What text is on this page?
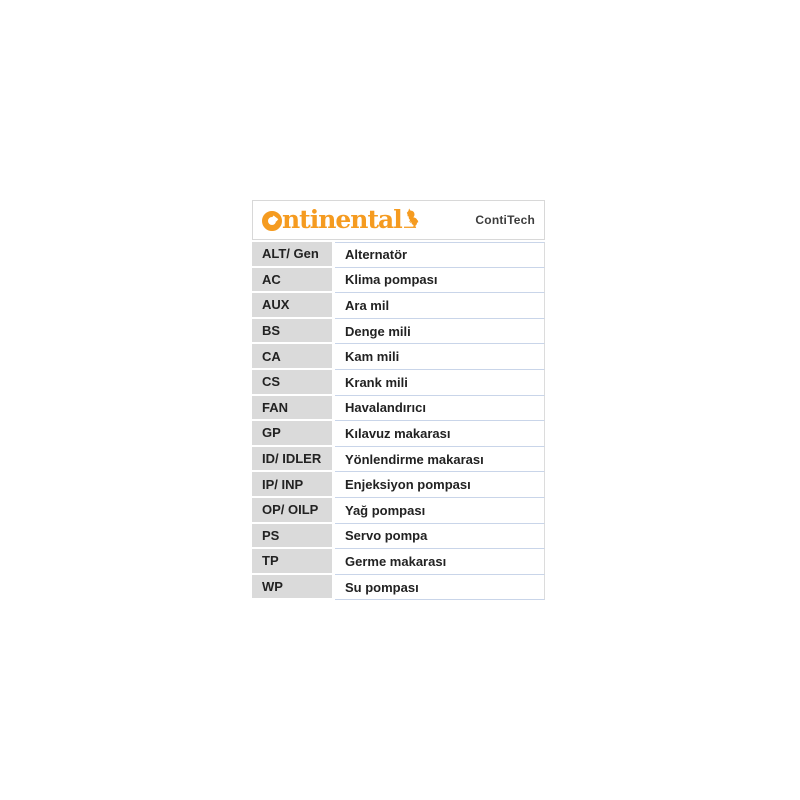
ntinental	ContiTech
ALT/ Gen	Alternatör
AC	Klima pompası
AUX	Ara mil
BS	Denge mili
CA	Kam mili
CS	Krank mili
FAN	Havalandırıcı
GP	Kılavuz makarası
ID/ IDLER	Yönlendirme makarası
IP/ INP	Enjeksiyon pompası
OP/ OILP	Yağ pompası
PS	Servo pompa
TP	Germe makarası
WP	Su pompası
